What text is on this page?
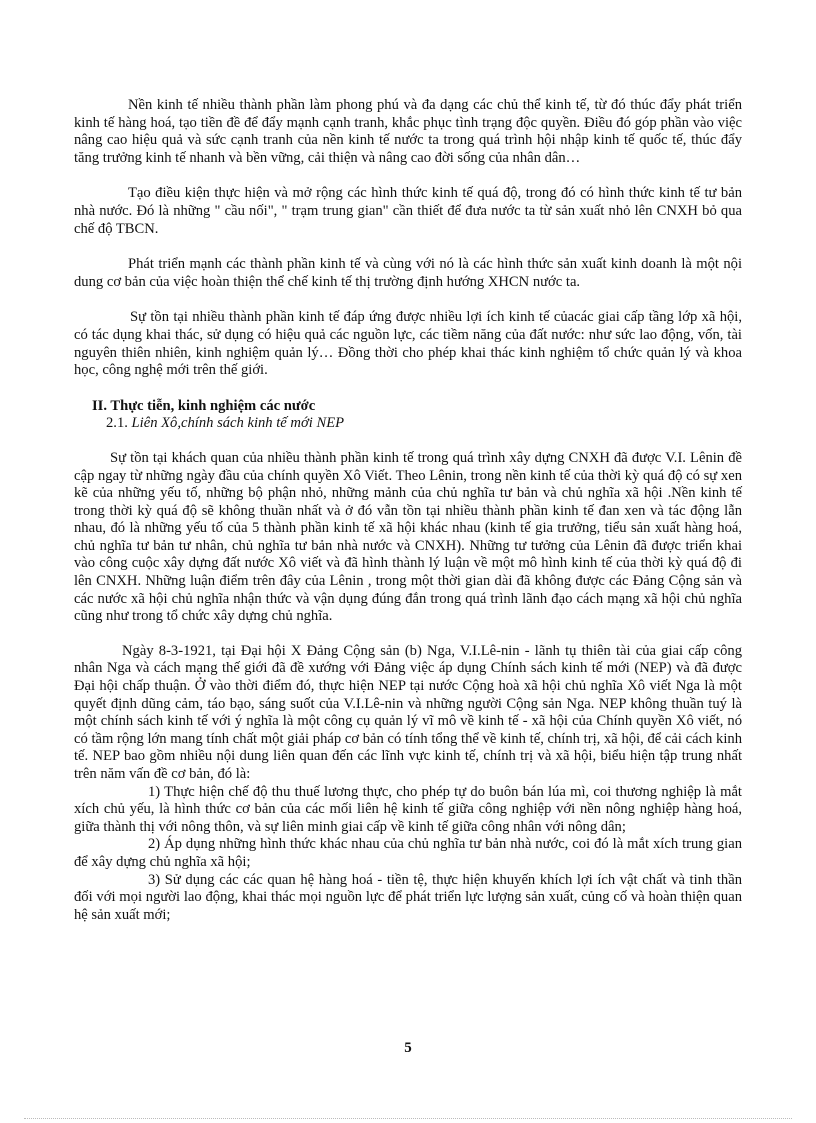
Nền kinh tế nhiều thành phần làm phong phú và đa dạng các chủ thể kinh tế, từ đó thúc đẩy phát triển kinh tế hàng hoá, tạo tiền đề để đẩy mạnh cạnh tranh, khắc phục tình trạng độc quyền. Điều đó góp phần vào việc nâng cao hiệu quả và sức cạnh tranh của nền kinh tế nước ta trong quá trình hội nhập kinh tế quốc tế, thúc đẩy tăng trưởng kinh tế nhanh và bền vững, cải thiện và nâng cao đời sống của nhân dân…

Tạo điều kiện thực hiện và mở rộng các hình thức kinh tế quá độ, trong đó có hình thức kinh tế tư bản nhà nước. Đó là những " cầu nối", " trạm trung gian" cần thiết để đưa nước ta từ sản xuất nhỏ lên CNXH bỏ qua chế độ TBCN.

Phát triển mạnh các thành phần kinh tế và cùng với nó là các hình thức sản xuất kinh doanh là một nội dung cơ bản của việc hoàn thiện thể chế kinh tế thị trường định hướng XHCN nước ta.

Sự tồn tại nhiều thành phần kinh tế đáp ứng được nhiều lợi ích kinh tế củacác giai cấp tầng lớp xã hội, có tác dụng khai thác, sử dụng có hiệu quả các nguồn lực, các tiềm năng của đất nước: như sức lao động, vốn, tài nguyên thiên nhiên, kinh nghiệm quản lý… Đồng thời cho phép khai thác kinh nghiệm tổ chức quản lý và khoa học, công nghệ mới trên thế giới.

II. Thực tiễn, kinh nghiệm các nước

2.1. Liên Xô,chính sách kinh tế mới NEP

Sự tồn tại khách quan của nhiều thành phần kinh tế trong quá trình xây dựng CNXH đã được V.I. Lênin đề cập ngay từ những ngày đầu của chính quyền Xô Viết. Theo Lênin, trong nền kinh tế của thời kỳ quá độ có sự xen kẽ của những yếu tố, những bộ phận nhỏ, những mảnh của chủ nghĩa tư bản và chủ nghĩa xã hội .Nền kinh tế trong thời kỳ quá độ sẽ không thuần nhất và ở đó vẫn tồn tại nhiều thành phần kinh tế đan xen và tác động lẫn nhau, đó là những yếu tố của 5 thành phần kinh tế xã hội khác nhau (kinh tế gia trưởng, tiểu sản xuất hàng hoá, chủ nghĩa tư bản tư nhân, chủ nghĩa tư bản nhà nước và CNXH). Những tư tưởng của Lênin đã được triển khai vào công cuộc xây dựng đất nước Xô viết và đã hình thành lý luận về một mô hình kinh tế của thời kỳ quá độ đi lên CNXH. Những luận điểm trên đây của Lênin , trong một thời gian dài đã không được các Đảng Cộng sản và các nước xã hội chủ nghĩa nhận thức và vận dụng đúng đắn trong quá trình lãnh đạo cách mạng xã hội chủ nghĩa cũng như trong tổ chức xây dựng chủ nghĩa.

Ngày 8-3-1921, tại Đại hội X Đảng Cộng sản (b) Nga, V.I.Lê-nin - lãnh tụ thiên tài của giai cấp công nhân Nga và cách mạng thế giới đã đề xướng với Đảng việc áp dụng Chính sách kinh tế mới (NEP) và đã được Đại hội chấp thuận. Ở vào thời điểm đó, thực hiện NEP tại nước Cộng hoà xã hội chủ nghĩa Xô viết Nga là một quyết định dũng cảm, táo bạo, sáng suốt của V.I.Lê-nin và những người Cộng sản Nga. NEP không thuần tuý là một chính sách kinh tế với ý nghĩa là một công cụ quản lý vĩ mô về kinh tế - xã hội của Chính quyền Xô viết, nó có tầm rộng lớn mang tính chất một giải pháp cơ bản có tính tổng thể về kinh tế, chính trị, xã hội, để cải cách kinh tế. NEP bao gồm nhiều nội dung liên quan đến các lĩnh vực kinh tế, chính trị và xã hội, biểu hiện tập trung nhất trên năm vấn đề cơ bản, đó là:

1) Thực hiện chế độ thu thuế lương thực, cho phép tự do buôn bán lúa mì, coi thương nghiệp là mắt xích chủ yếu, là hình thức cơ bản của các mối liên hệ kinh tế giữa công nghiệp với nền nông nghiệp hàng hoá, giữa thành thị với nông thôn, và sự liên minh giai cấp về kinh tế giữa công nhân với nông dân;

2) Áp dụng những hình thức khác nhau của chủ nghĩa tư bản nhà nước, coi đó là mắt xích trung gian để xây dựng chủ nghĩa xã hội;

3) Sử dụng các các quan hệ hàng hoá - tiền tệ, thực hiện khuyến khích lợi ích vật chất và tinh thần đối với mọi người lao động, khai thác mọi nguồn lực để phát triển lực lượng sản xuất, củng cố và hoàn thiện quan hệ sản xuất mới;

5
